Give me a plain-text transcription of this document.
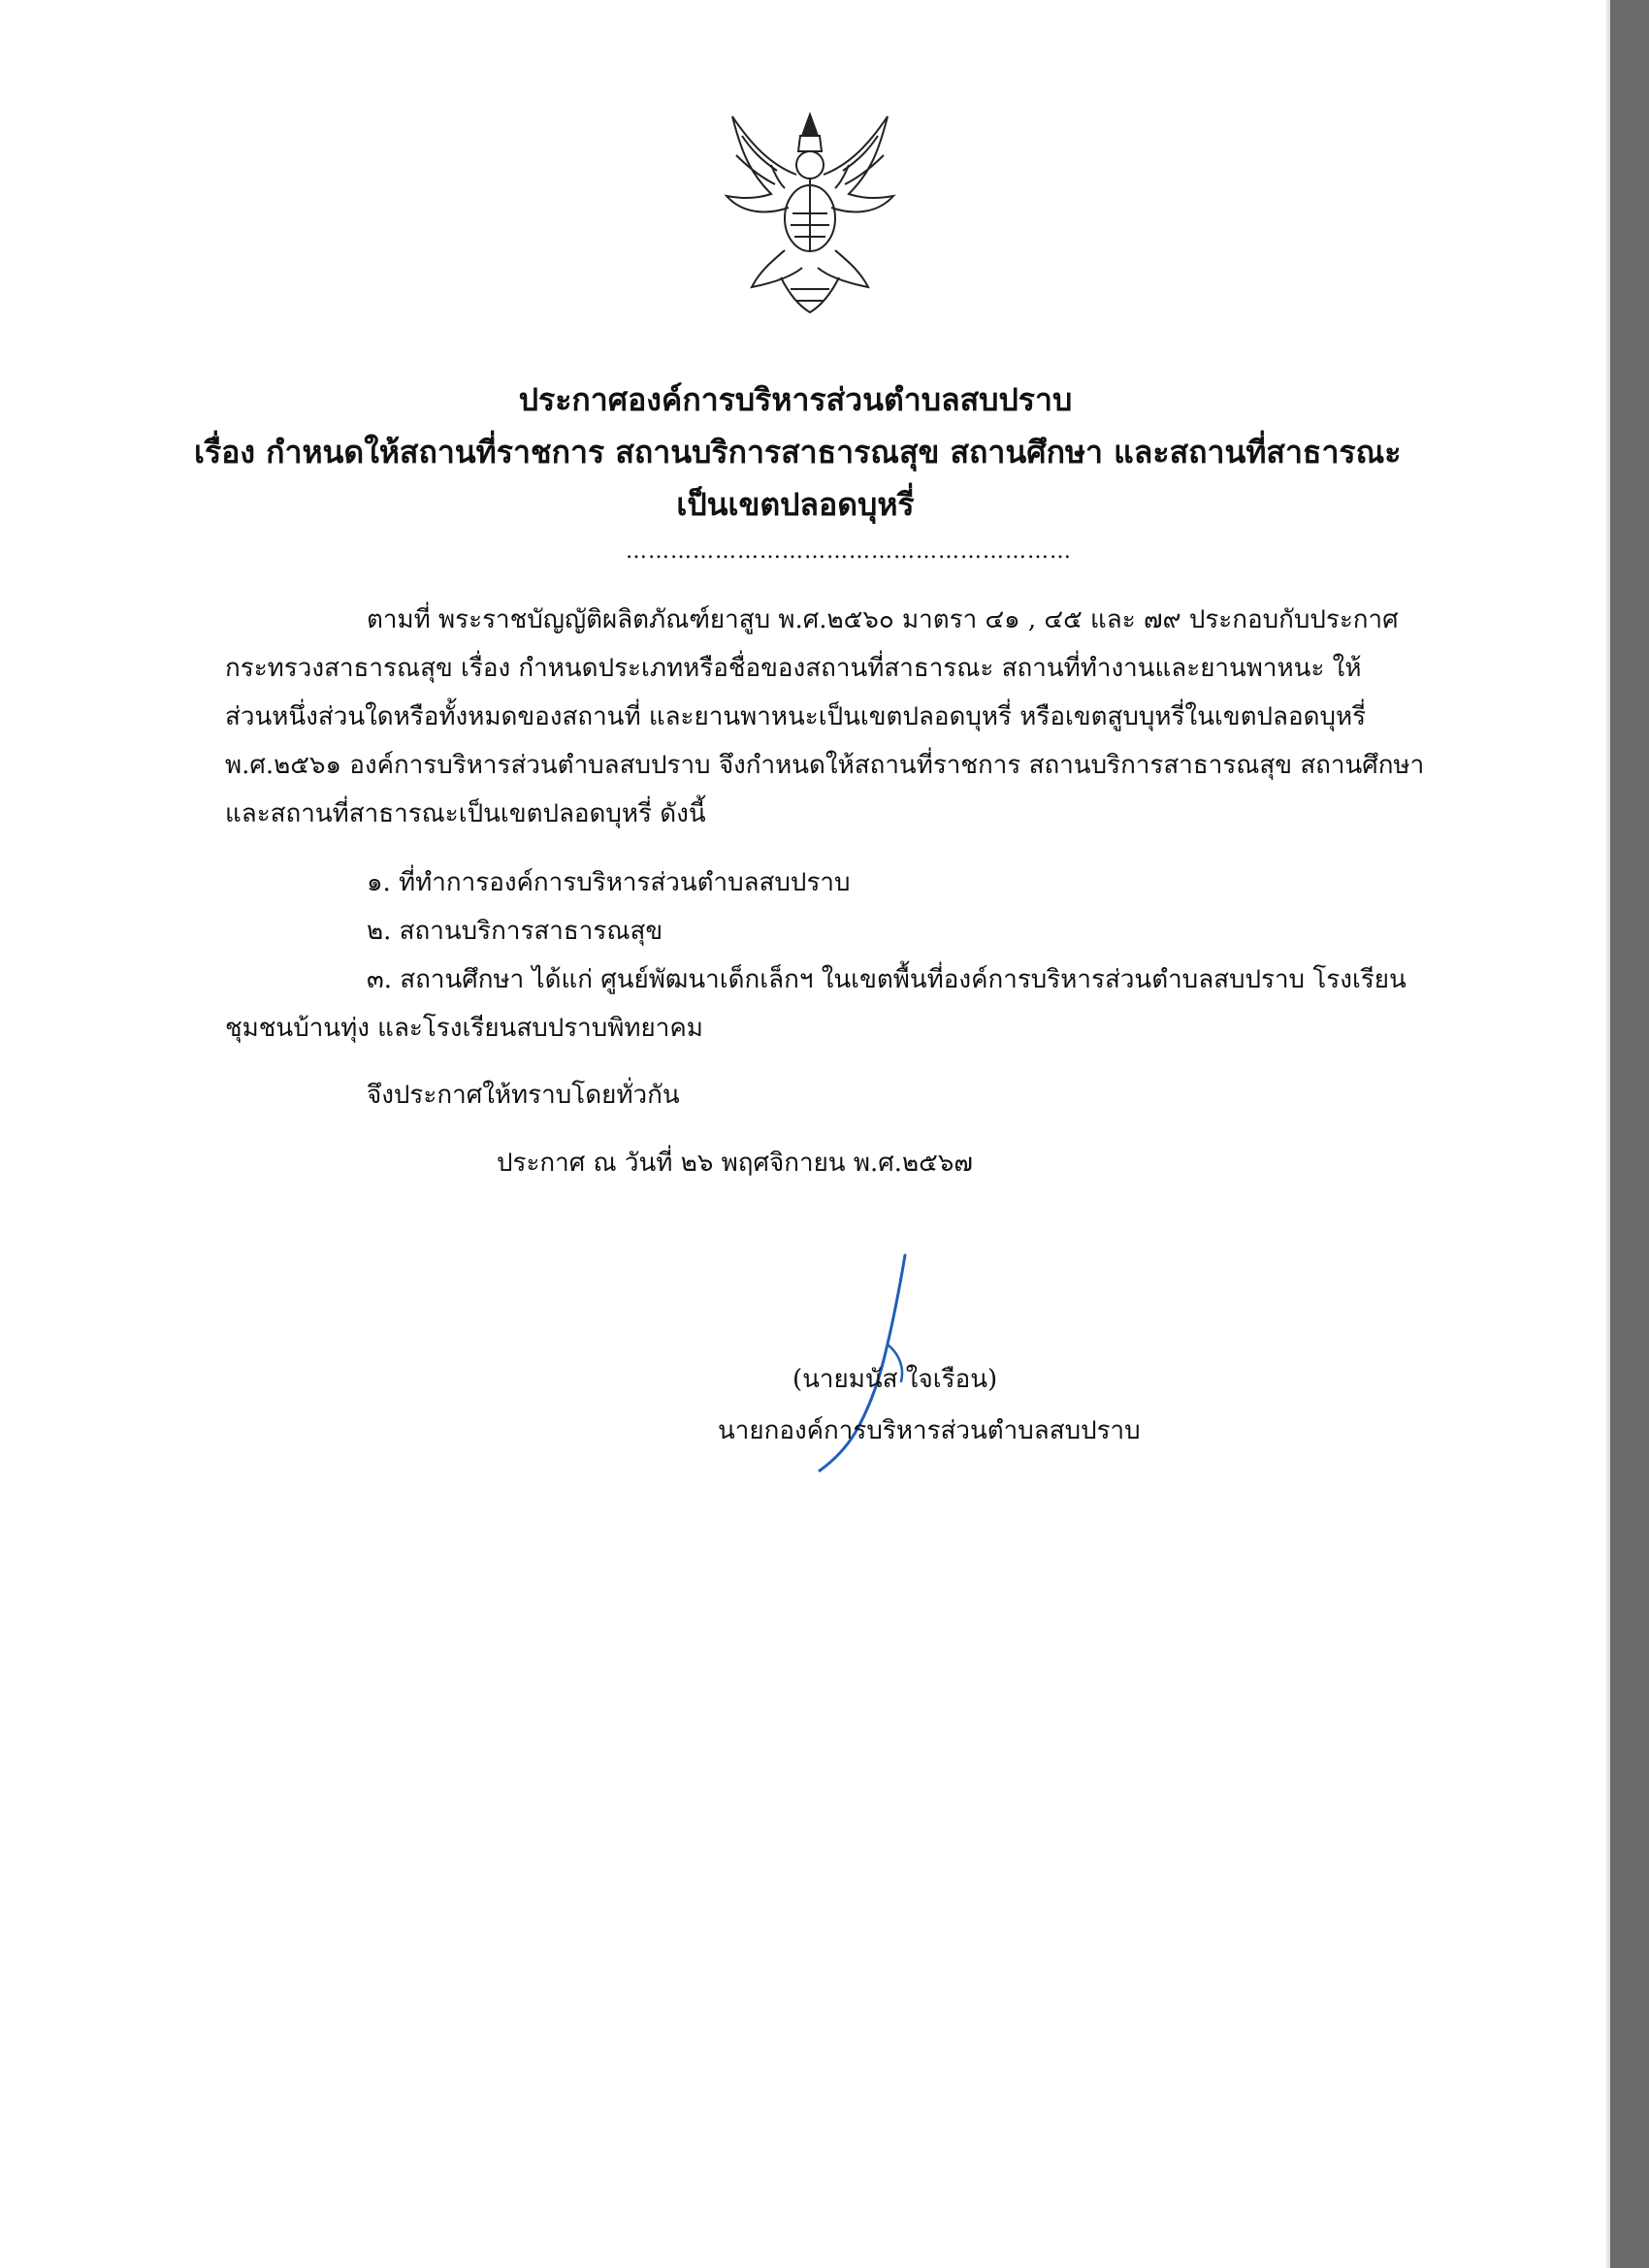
ประกาศองค์การบริหารส่วนตำบลสบปราบ
เรื่อง กำหนดให้สถานที่ราชการ สถานบริการสาธารณสุข สถานศึกษา และสถานที่สาธารณะ
เป็นเขตปลอดบุหรี่
……………………………………………………
ตามที่ พระราชบัญญัติผลิตภัณฑ์ยาสูบ พ.ศ.๒๕๖๐ มาตรา ๔๑ , ๔๕ และ ๗๙ ประกอบกับประกาศ
กระทรวงสาธารณสุข เรื่อง กำหนดประเภทหรือชื่อของสถานที่สาธารณะ สถานที่ทำงานและยานพาหนะ ให้
ส่วนหนึ่งส่วนใดหรือทั้งหมดของสถานที่ และยานพาหนะเป็นเขตปลอดบุหรี่ หรือเขตสูบบุหรี่ในเขตปลอดบุหรี่
พ.ศ.๒๕๖๑ องค์การบริหารส่วนตำบลสบปราบ จึงกำหนดให้สถานที่ราชการ สถานบริการสาธารณสุข สถานศึกษา
และสถานที่สาธารณะเป็นเขตปลอดบุหรี่ ดังนี้
๑. ที่ทำการองค์การบริหารส่วนตำบลสบปราบ
๒. สถานบริการสาธารณสุข
๓. สถานศึกษา ได้แก่ ศูนย์พัฒนาเด็กเล็กฯ ในเขตพื้นที่องค์การบริหารส่วนตำบลสบปราบ โรงเรียน
ชุมชนบ้านทุ่ง และโรงเรียนสบปราบพิทยาคม
จึงประกาศให้ทราบโดยทั่วกัน
ประกาศ ณ วันที่ ๒๖ พฤศจิกายน พ.ศ.๒๕๖๗
(นายมนัส ใจเรือน)
นายกองค์การบริหารส่วนตำบลสบปราบ
